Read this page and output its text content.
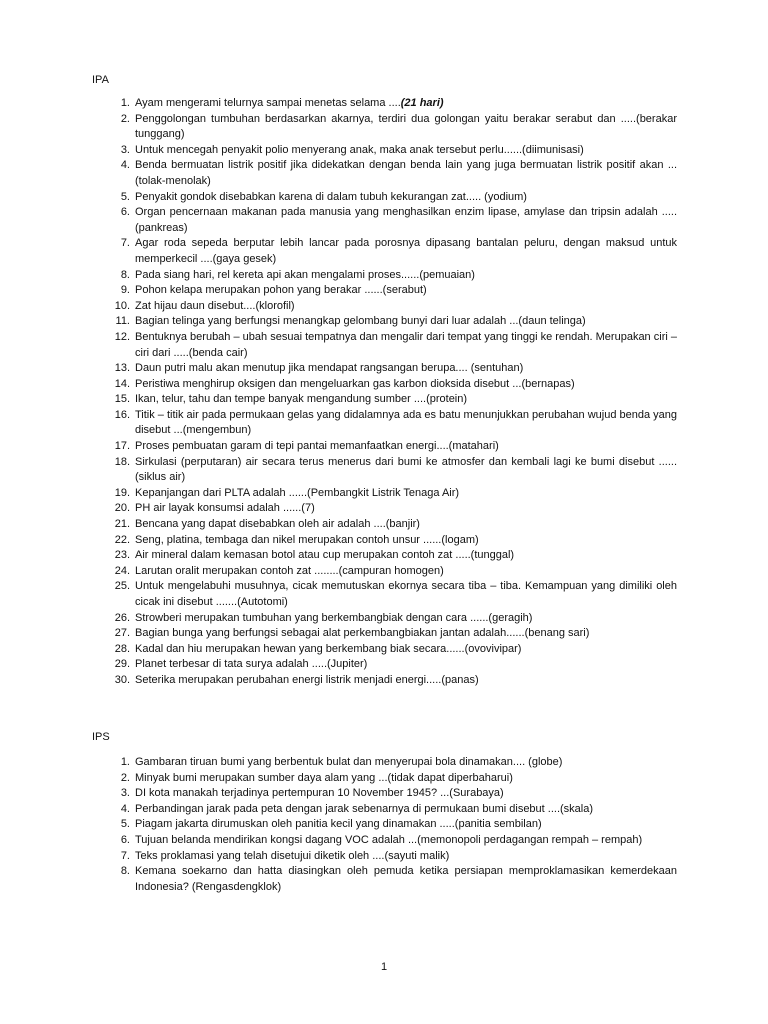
IPA
1. Ayam mengerami telurnya sampai menetas selama ....(21 hari)
2. Penggolongan tumbuhan berdasarkan akarnya, terdiri dua golongan yaitu berakar serabut dan .....(berakar tunggang)
3. Untuk mencegah penyakit polio menyerang anak, maka anak tersebut perlu......(diimunisasi)
4. Benda bermuatan listrik positif jika didekatkan dengan benda lain yang juga bermuatan listrik positif akan ...(tolak-menolak)
5. Penyakit gondok disebabkan karena di dalam tubuh kekurangan zat..... (yodium)
6. Organ pencernaan makanan pada manusia yang menghasilkan enzim lipase, amylase dan tripsin adalah ..... (pankreas)
7. Agar roda sepeda berputar lebih lancar pada porosnya dipasang bantalan peluru, dengan maksud untuk memperkecil ....(gaya gesek)
8. Pada siang hari, rel kereta api akan mengalami proses......(pemuaian)
9. Pohon kelapa merupakan pohon yang berakar ......(serabut)
10. Zat hijau daun disebut....(klorofil)
11. Bagian telinga yang berfungsi menangkap gelombang bunyi dari luar adalah ...(daun telinga)
12. Bentuknya berubah – ubah sesuai tempatnya dan mengalir dari tempat yang tinggi ke rendah. Merupakan ciri – ciri dari .....(benda cair)
13. Daun putri malu akan menutup jika mendapat rangsangan berupa.... (sentuhan)
14. Peristiwa menghirup oksigen dan mengeluarkan gas karbon dioksida disebut ...(bernapas)
15. Ikan, telur, tahu dan tempe banyak mengandung sumber ....(protein)
16. Titik – titik air pada permukaan gelas yang didalamnya ada es batu menunjukkan perubahan wujud benda yang disebut ...(mengembun)
17. Proses pembuatan garam di tepi pantai memanfaatkan energi....(matahari)
18. Sirkulasi (perputaran) air secara terus menerus dari bumi ke atmosfer dan kembali lagi ke bumi disebut ......(siklus air)
19. Kepanjangan dari PLTA adalah ......(Pembangkit Listrik Tenaga Air)
20. PH air layak konsumsi adalah ......(7)
21. Bencana yang dapat disebabkan oleh air adalah ....(banjir)
22. Seng, platina, tembaga dan nikel merupakan contoh unsur ......(logam)
23. Air mineral dalam kemasan botol atau cup merupakan contoh zat .....(tunggal)
24. Larutan oralit merupakan contoh zat ........(campuran homogen)
25. Untuk mengelabuhi musuhnya, cicak memutuskan ekornya secara tiba – tiba. Kemampuan yang dimiliki oleh cicak ini disebut .......(Autotomi)
26. Strowberi merupakan tumbuhan yang berkembangbiak dengan cara ......(geragih)
27. Bagian bunga yang berfungsi sebagai alat perkembangbiakan jantan adalah......(benang sari)
28. Kadal dan hiu merupakan hewan yang berkembang biak secara......(ovovivipar)
29. Planet terbesar di tata surya adalah .....(Jupiter)
30. Seterika merupakan perubahan energi listrik menjadi energi.....(panas)
IPS
1. Gambaran tiruan bumi yang berbentuk bulat dan menyerupai bola dinamakan.... (globe)
2. Minyak bumi merupakan sumber daya alam yang ...(tidak dapat diperbaharui)
3. DI kota manakah terjadinya pertempuran 10 November 1945? ...(Surabaya)
4. Perbandingan jarak pada peta dengan jarak sebenarnya di permukaan bumi disebut ....(skala)
5. Piagam jakarta dirumuskan oleh panitia kecil yang dinamakan .....(panitia sembilan)
6. Tujuan belanda mendirikan kongsi dagang VOC adalah ...(memonopoli perdagangan rempah – rempah)
7. Teks proklamasi yang telah disetujui diketik oleh ....(sayuti malik)
8. Kemana soekarno dan hatta diasingkan oleh pemuda ketika persiapan memproklamasikan kemerdekaan Indonesia? (Rengasdengklok)
1
